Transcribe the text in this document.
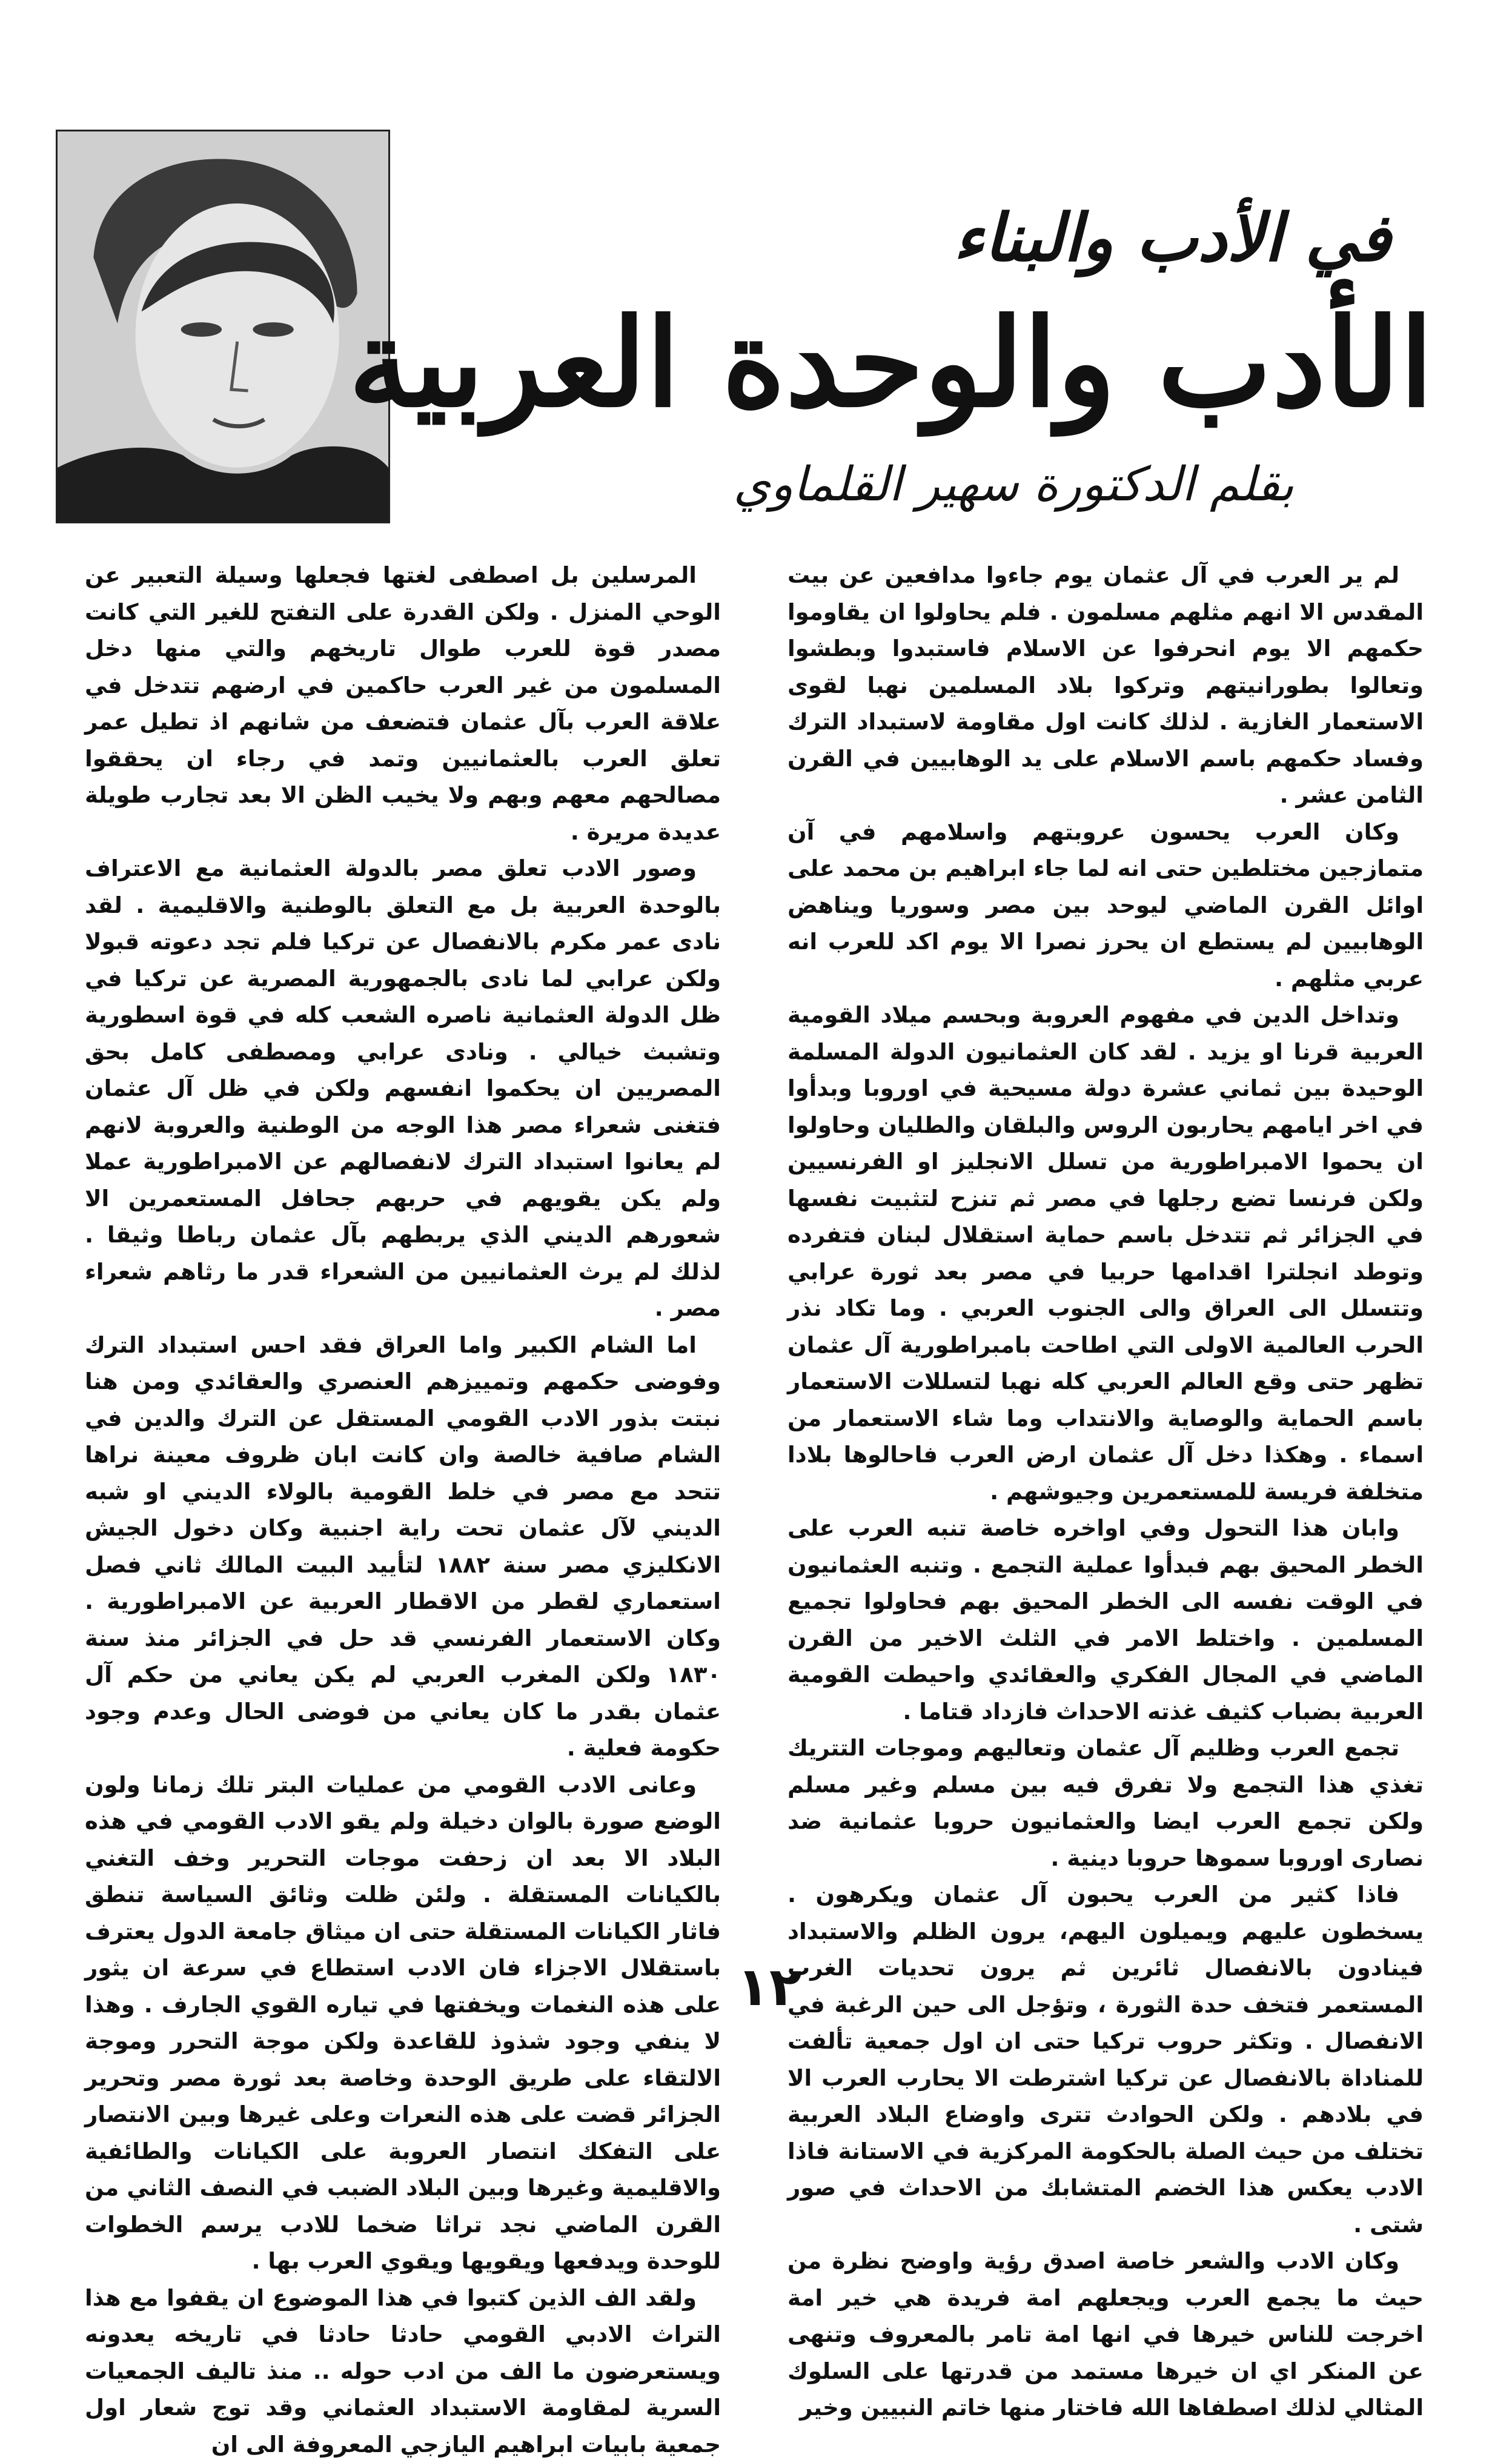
في الأدب والبناء
الأدب والوحدة العربية
بقلم الدكتورة سهير القلماوي

لم ير العرب في آل عثمان يوم جاءوا مدافعين عن بيت المقدس الا انهم مثلهم مسلمون . فلم يحاولوا ان يقاوموا حكمهم الا يوم انحرفوا عن الاسلام فاستبدوا وبطشوا وتعالوا بطورانيتهم وتركوا بلاد المسلمين نهبا لقوى الاستعمار الغازية . لذلك كانت اول مقاومة لاستبداد الترك وفساد حكمهم باسم الاسلام على يد الوهابيين في القرن الثامن عشر .

وكان العرب يحسون عروبتهم واسلامهم في آن متمازجين مختلطين حتى انه لما جاء ابراهيم بن محمد على اوائل القرن الماضي ليوحد بين مصر وسوريا ويناهض الوهابيين لم يستطع ان يحرز نصرا الا يوم اكد للعرب انه عربي مثلهم .

وتداخل الدين في مفهوم العروبة وبحسم ميلاد القومية العربية قرنا او يزيد . لقد كان العثمانيون الدولة المسلمة الوحيدة بين ثماني عشرة دولة مسيحية في اوروبا وبدأوا في اخر ايامهم يحاربون الروس والبلقان والطليان وحاولوا ان يحموا الامبراطورية من تسلل الانجليز او الفرنسيين ولكن فرنسا تضع رجلها في مصر ثم تنزح لتثبيت نفسها في الجزائر ثم تتدخل باسم حماية استقلال لبنان فتفرده وتوطد انجلترا اقدامها حربيا في مصر بعد ثورة عرابي وتتسلل الى العراق والى الجنوب العربي . وما تكاد نذر الحرب العالمية الاولى التي اطاحت بامبراطورية آل عثمان تظهر حتى وقع العالم العربي كله نهبا لتسللات الاستعمار باسم الحماية والوصاية والانتداب وما شاء الاستعمار من اسماء . وهكذا دخل آل عثمان ارض العرب فاحالوها بلادا متخلفة فريسة للمستعمرين وجيوشهم .

وابان هذا التحول وفي اواخره خاصة تنبه العرب على الخطر المحيق بهم فبدأوا عملية التجمع . وتنبه العثمانيون في الوقت نفسه الى الخطر المحيق بهم فحاولوا تجميع المسلمين . واختلط الامر في الثلث الاخير من القرن الماضي في المجال الفكري والعقائدي واحيطت القومية العربية بضباب كثيف غذته الاحداث فازداد قتاما .

تجمع العرب وظليم آل عثمان وتعاليهم وموجات التتريك تغذي هذا التجمع ولا تفرق فيه بين مسلم وغير مسلم ولكن تجمع العرب ايضا والعثمانيون حروبا عثمانية ضد نصارى اوروبا سموها حروبا دينية .

فاذا كثير من العرب يحبون آل عثمان ويكرهون . يسخطون عليهم ويميلون اليهم، يرون الظلم والاستبداد فينادون بالانفصال ثائرين ثم يرون تحديات الغرب المستعمر فتخف حدة الثورة ، وتؤجل الى حين الرغبة في الانفصال . وتكثر حروب تركيا حتى ان اول جمعية تألفت للمناداة بالانفصال عن تركيا اشترطت الا يحارب العرب الا في بلادهم . ولكن الحوادث تترى واوضاع البلاد العربية تختلف من حيث الصلة بالحكومة المركزية في الاستانة فاذا الادب يعكس هذا الخضم المتشابك من الاحداث في صور شتى .

وكان الادب والشعر خاصة اصدق رؤية واوضح نظرة من حيث ما يجمع العرب ويجعلهم امة فريدة هي خير امة اخرجت للناس خيرها في انها امة تامر بالمعروف وتنهى عن المنكر اي ان خيرها مستمد من قدرتها على السلوك المثالي لذلك اصطفاها الله فاختار منها خاتم النبيين وخير

المرسلين بل اصطفى لغتها فجعلها وسيلة التعبير عن الوحي المنزل . ولكن القدرة على التفتح للغير التي كانت مصدر قوة للعرب طوال تاريخهم والتي منها دخل المسلمون من غير العرب حاكمين في ارضهم تتدخل في علاقة العرب بآل عثمان فتضعف من شانهم اذ تطيل عمر تعلق العرب بالعثمانيين وتمد في رجاء ان يحققوا مصالحهم معهم وبهم ولا يخيب الظن الا بعد تجارب طويلة عديدة مريرة .

وصور الادب تعلق مصر بالدولة العثمانية مع الاعتراف بالوحدة العربية بل مع التعلق بالوطنية والاقليمية . لقد نادى عمر مكرم بالانفصال عن تركيا فلم تجد دعوته قبولا ولكن عرابي لما نادى بالجمهورية المصرية عن تركيا في ظل الدولة العثمانية ناصره الشعب كله في قوة اسطورية وتشبث خيالي . ونادى عرابي ومصطفى كامل بحق المصريين ان يحكموا انفسهم ولكن في ظل آل عثمان فتغنى شعراء مصر هذا الوجه من الوطنية والعروبة لانهم لم يعانوا استبداد الترك لانفصالهم عن الامبراطورية عملا ولم يكن يقويهم في حربهم جحافل المستعمرين الا شعورهم الديني الذي يربطهم بآل عثمان رباطا وثيقا . لذلك لم يرث العثمانيين من الشعراء قدر ما رثاهم شعراء مصر .

اما الشام الكبير واما العراق فقد احس استبداد الترك وفوضى حكمهم وتمييزهم العنصري والعقائدي ومن هنا نبتت بذور الادب القومي المستقل عن الترك والدين في الشام صافية خالصة وان كانت ابان ظروف معينة نراها تتحد مع مصر في خلط القومية بالولاء الديني او شبه الديني لآل عثمان تحت راية اجنبية وكان دخول الجيش الانكليزي مصر سنة ١٨٨٢ لتأييد البيت المالك ثاني فصل استعماري لقطر من الاقطار العربية عن الامبراطورية . وكان الاستعمار الفرنسي قد حل في الجزائر منذ سنة ١٨٣٠ ولكن المغرب العربي لم يكن يعاني من حكم آل عثمان بقدر ما كان يعاني من فوضى الحال وعدم وجود حكومة فعلية .

وعانى الادب القومي من عمليات البتر تلك زمانا ولون الوضع صورة بالوان دخيلة ولم يقو الادب القومي في هذه البلاد الا بعد ان زحفت موجات التحرير وخف التغني بالكيانات المستقلة . ولئن ظلت وثائق السياسة تنطق فاثار الكيانات المستقلة حتى ان ميثاق جامعة الدول يعترف باستقلال الاجزاء فان الادب استطاع في سرعة ان يثور على هذه النغمات ويخفتها في تياره القوي الجارف . وهذا لا ينفي وجود شذوذ للقاعدة ولكن موجة التحرر وموجة الالتقاء على طريق الوحدة وخاصة بعد ثورة مصر وتحرير الجزائر قضت على هذه النعرات وعلى غيرها وبين الانتصار على التفكك انتصار العروبة على الكيانات والطائفية والاقليمية وغيرها وبين البلاد الضبب في النصف الثاني من القرن الماضي نجد تراثا ضخما للادب يرسم الخطوات للوحدة ويدفعها ويقويها ويقوي العرب بها .

ولقد الف الذين كتبوا في هذا الموضوع ان يقفوا مع هذا التراث الادبي القومي حادثا حادثا في تاريخه يعدونه ويستعرضون ما الف من ادب حوله .. منذ تاليف الجمعيات السرية لمقاومة الاستبداد العثماني وقد توج شعار اول جمعية بابيات ابراهيم اليازجي المعروفة الى ان

١٢
